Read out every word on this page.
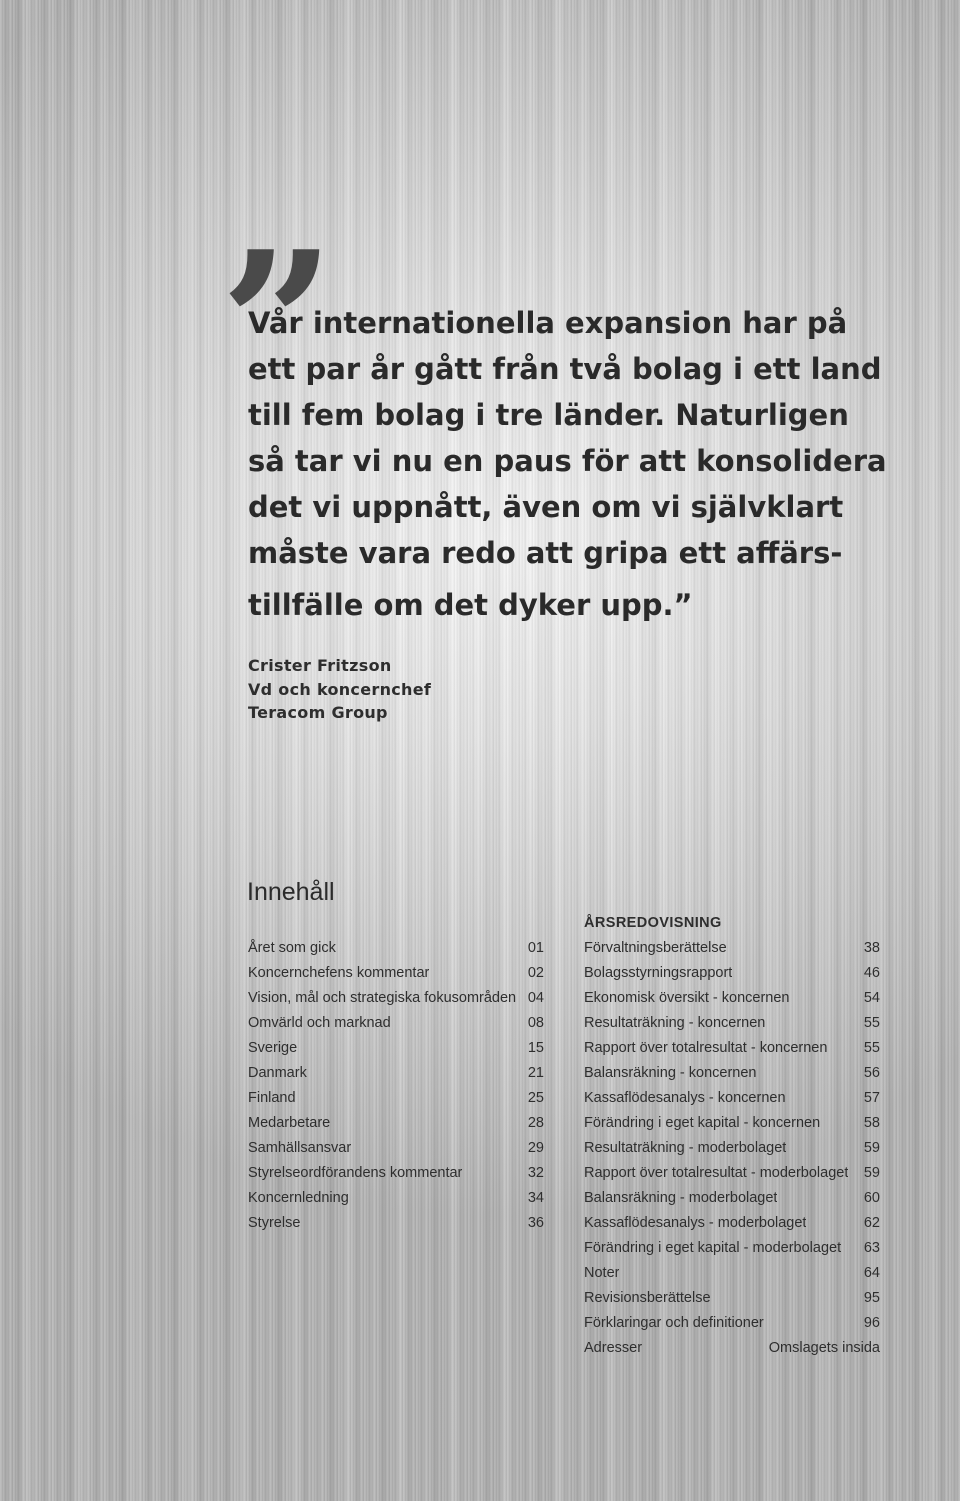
”
Vår internationella expansion har på
ett par år gått från två bolag i ett land
till fem bolag i tre länder. Naturligen
så tar vi nu en paus för att konsolidera
det vi uppnått, även om vi självklart
måste vara redo att gripa ett affärs-
tillfälle om det dyker upp.”
Crister Fritzson
Vd och koncernchef
Teracom Group
Innehåll
Året som gick	01
Koncernchefens kommentar	02
Vision, mål och strategiska fokusområden 04
Omvärld och marknad	08
Sverige	15
Danmark	21
Finland	25
Medarbetare	28
Samhällsansvar	29
Styrelseordförandens kommentar	32
Koncernledning	34
Styrelse	36
ÅRSREDOVISNING
Förvaltningsberättelse	38
Bolagsstyrningsrapport	46
Ekonomisk översikt - koncernen	54
Resultaträkning - koncernen	55
Rapport över totalresultat - koncernen	55
Balansräkning - koncernen	56
Kassaflödesanalys - koncernen	57
Förändring i eget kapital - koncernen	58
Resultaträkning - moderbolaget	59
Rapport över totalresultat - moderbolaget	59
Balansräkning - moderbolaget	60
Kassaflödesanalys - moderbolaget	62
Förändring i eget kapital - moderbolaget	63
Noter	64
Revisionsberättelse	95
Förklaringar och definitioner	96
Adresser	Omslagets insida
